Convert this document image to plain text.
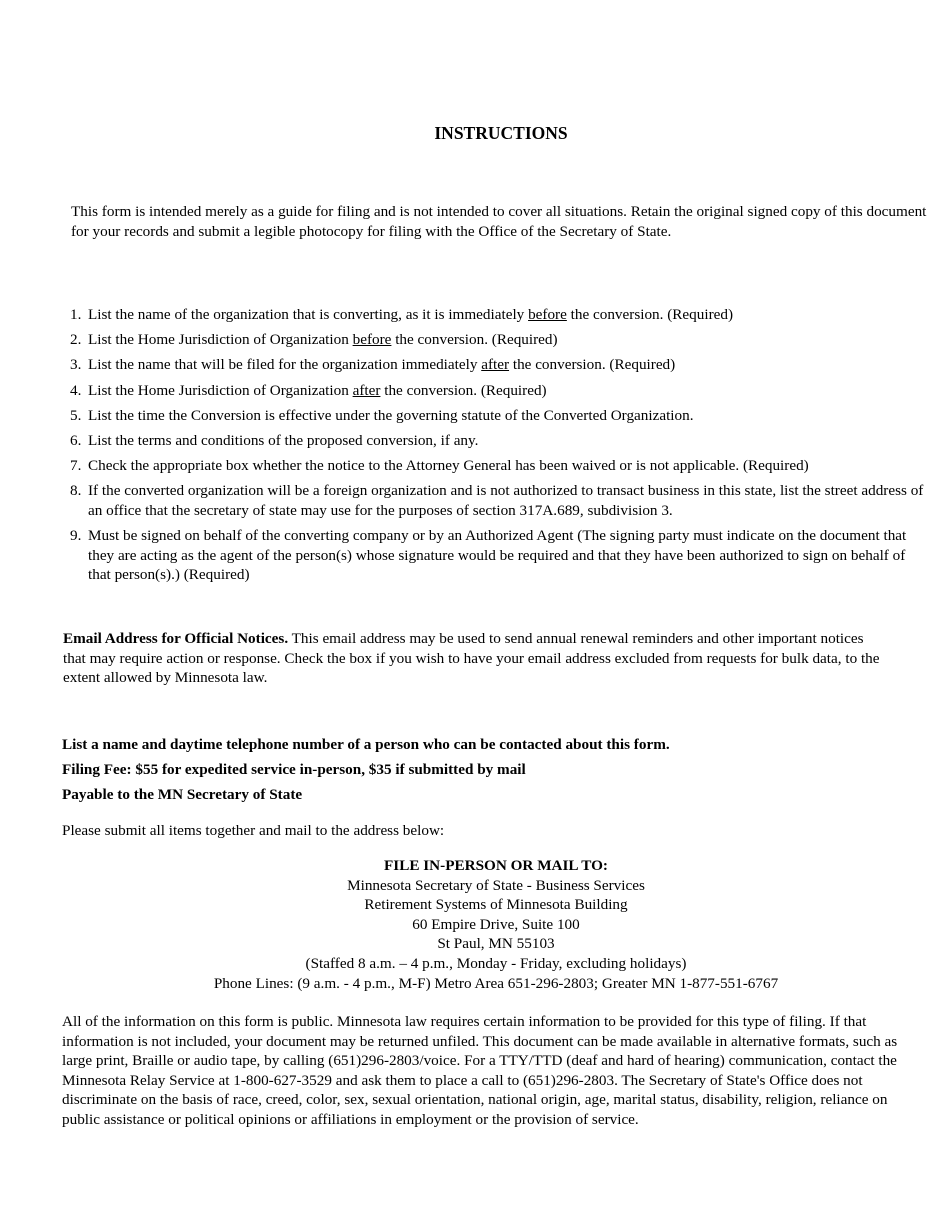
INSTRUCTIONS
This form is intended merely as a guide for filing and is not intended to cover all situations. Retain the original signed copy of this document for your records and submit a legible photocopy for filing with the Office of the Secretary of State.
1. List the name of the organization that is converting, as it is immediately before the conversion. (Required)
2. List the Home Jurisdiction of Organization before the conversion. (Required)
3. List the name that will be filed for the organization immediately after the conversion. (Required)
4. List the Home Jurisdiction of Organization after the conversion. (Required)
5. List the time the Conversion is effective under the governing statute of the Converted Organization.
6. List the terms and conditions of the proposed conversion, if any.
7. Check the appropriate box whether the notice to the Attorney General has been waived or is not applicable. (Required)
8. If the converted organization will be a foreign organization and is not authorized to transact business in this state, list the street address of an office that the secretary of state may use for the purposes of section 317A.689, subdivision 3.
9. Must be signed on behalf of the converting company or by an Authorized Agent (The signing party must indicate on the document that they are acting as the agent of the person(s) whose signature would be required and that they have been authorized to sign on behalf of that person(s).) (Required)
Email Address for Official Notices. This email address may be used to send annual renewal reminders and other important notices that may require action or response. Check the box if you wish to have your email address excluded from requests for bulk data, to the extent allowed by Minnesota law.
List a name and daytime telephone number of a person who can be contacted about this form.
Filing Fee: $55 for expedited service in-person, $35 if submitted by mail
Payable to the MN Secretary of State
Please submit all items together and mail to the address below:
FILE IN-PERSON OR MAIL TO:
Minnesota Secretary of State - Business Services
Retirement Systems of Minnesota Building
60 Empire Drive, Suite 100
St Paul, MN 55103
(Staffed 8 a.m. – 4 p.m., Monday - Friday, excluding holidays)
Phone Lines: (9 a.m. - 4 p.m., M-F) Metro Area 651-296-2803; Greater MN 1-877-551-6767
All of the information on this form is public. Minnesota law requires certain information to be provided for this type of filing. If that information is not included, your document may be returned unfiled. This document can be made available in alternative formats, such as large print, Braille or audio tape, by calling (651)296-2803/voice. For a TTY/TTD (deaf and hard of hearing) communication, contact the Minnesota Relay Service at 1-800-627-3529 and ask them to place a call to (651)296-2803. The Secretary of State's Office does not discriminate on the basis of race, creed, color, sex, sexual orientation, national origin, age, marital status, disability, religion, reliance on public assistance or political opinions or affiliations in employment or the provision of service.
